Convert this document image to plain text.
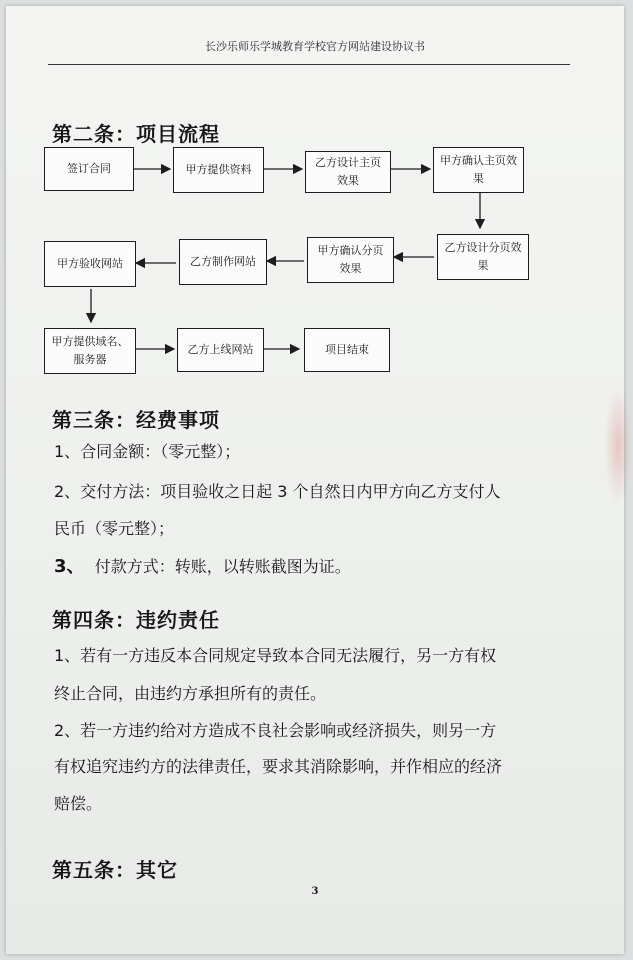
长沙乐师乐学城教育学校官方网站建设协议书
第二条：项目流程
签订合同	甲方提供资料
乙方设计主页效果
甲方确认主页效果
甲方验收网站	乙方制作网站
甲方确认分页效果
乙方设计分页效果
甲方提供域名、服务器
乙方上线网站	项目结束
第三条：经费事项
1、合同金额：（零元整）；
2、交付方法：项目验收之日起 3 个自然日内甲方向乙方支付人
民币（零元整）；
3、 付款方式：转账，以转账截图为证。
第四条：违约责任
1、若有一方违反本合同规定导致本合同无法履行，另一方有权
终止合同，由违约方承担所有的责任。
2、若一方违约给对方造成不良社会影响或经济损失，则另一方
有权追究违约方的法律责任，要求其消除影响，并作相应的经济
赔偿。
第五条：其它
3
